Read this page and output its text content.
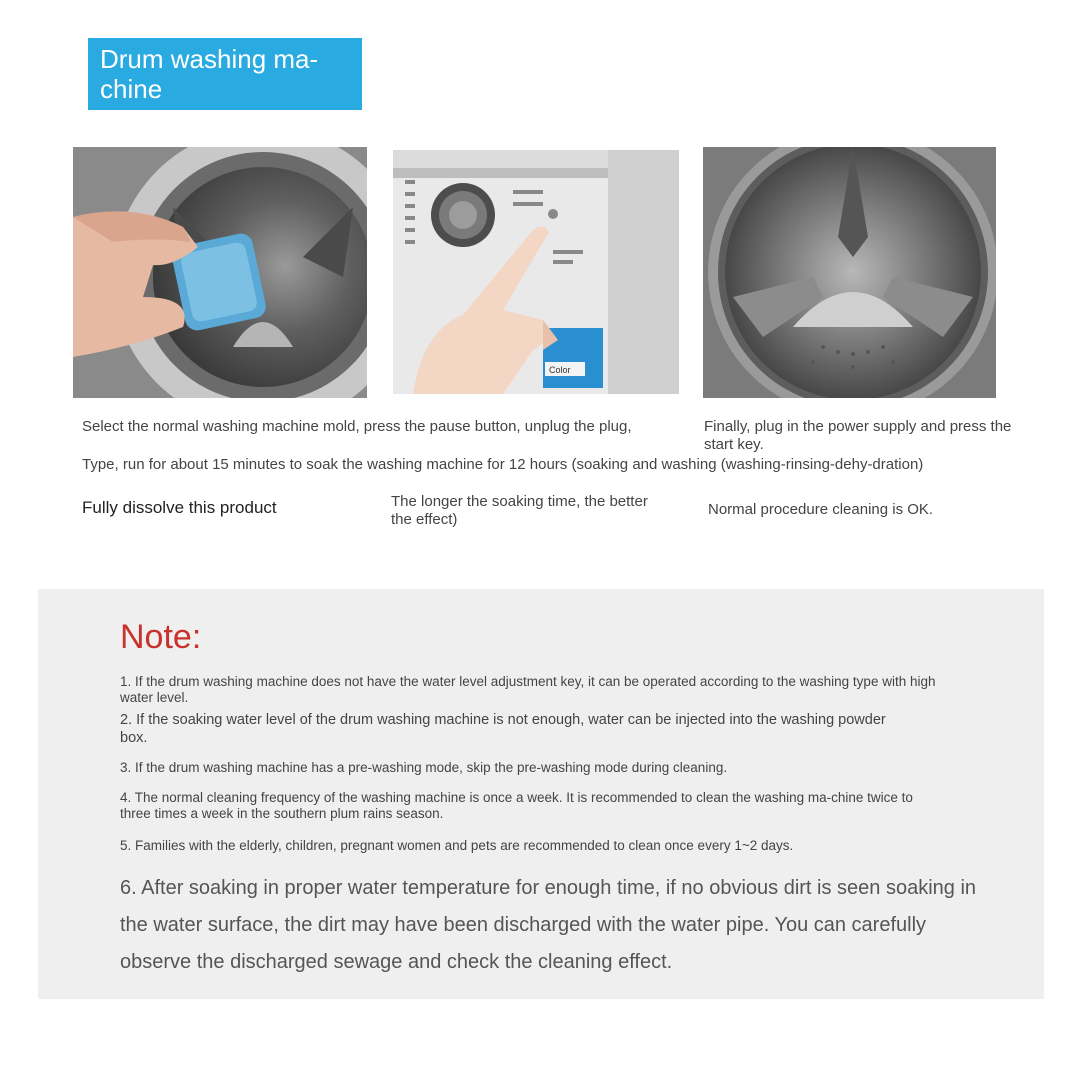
Drum washing ma-chine
Color
Select the normal washing machine mold, press the pause button, unplug the plug,
Type, run for about 15 minutes to soak the washing machine for 12 hours (soaking and washing (washing-rinsing-dehy-dration)
Finally, plug in the power supply and press the start key.
Fully dissolve this product	The longer the soaking time, the better the effect)
Normal procedure cleaning is OK.
Note:
1. If the drum washing machine does not have the water level adjustment key, it can be operated according to the washing type with high water level.
2. If the soaking water level of the drum washing machine is not enough, water can be injected into the washing powder box.
3. If the drum washing machine has a pre-washing mode, skip the pre-washing mode during cleaning.
4. The normal cleaning frequency of the washing machine is once a week. It is recommended to clean the washing ma-chine twice to three times a week in the southern plum rains season.
5. Families with the elderly, children, pregnant women and pets are recommended to clean once every 1~2 days.
6. After soaking in proper water temperature for enough time, if no obvious dirt is seen soaking in the water surface, the dirt may have been discharged with the water pipe. You can carefully observe the discharged sewage and check the cleaning effect.
